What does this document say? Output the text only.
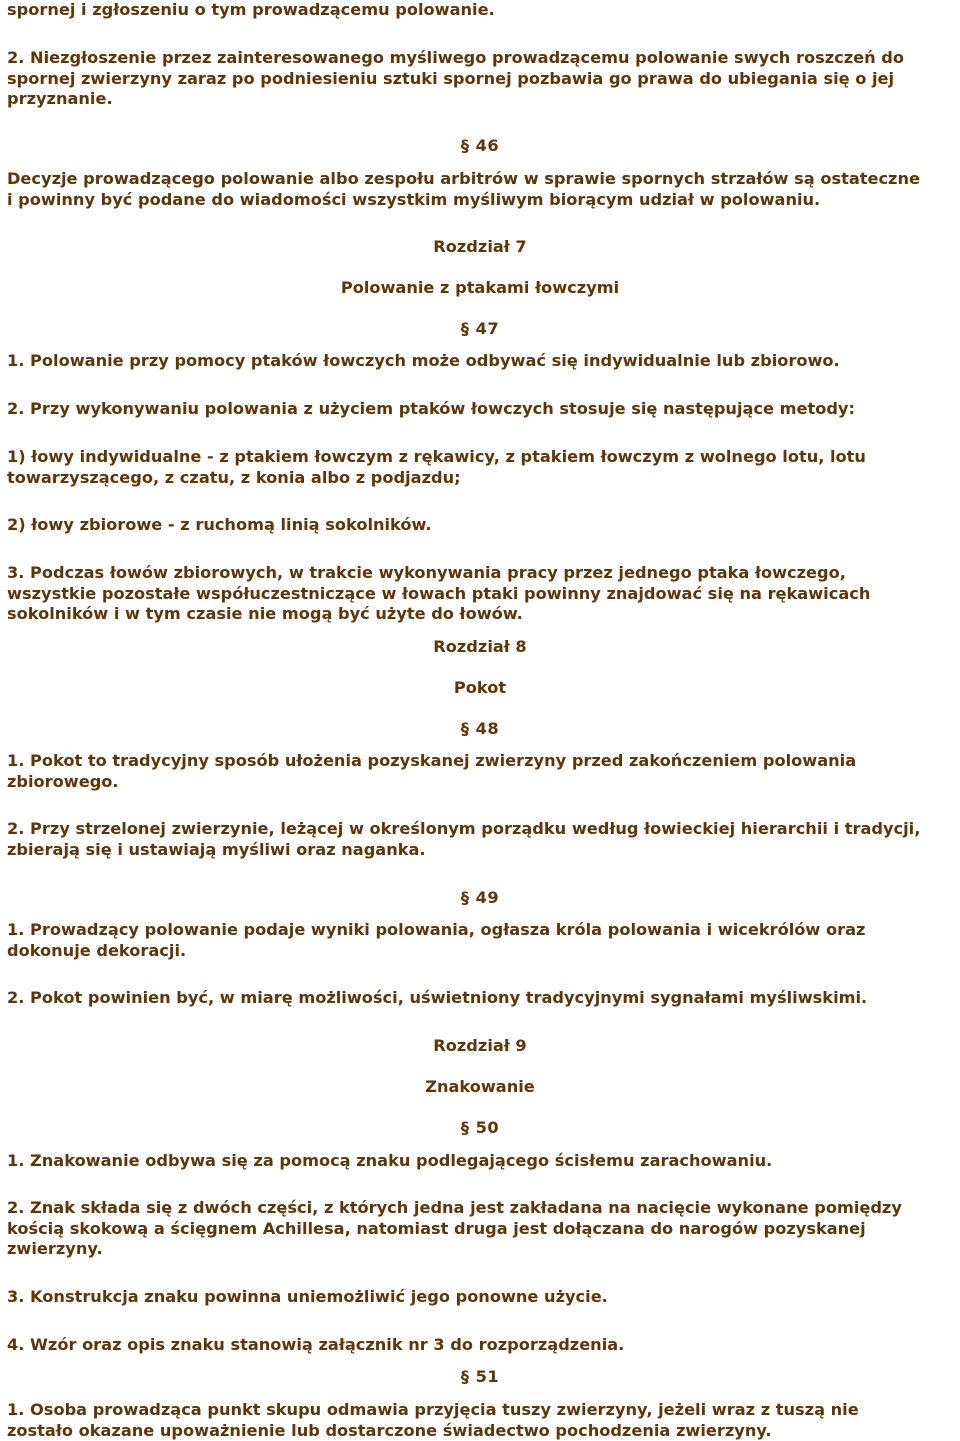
spornej i zgłoszeniu o tym prowadzącemu polowanie.

2. Niezgłoszenie przez zainteresowanego myśliwego prowadzącemu polowanie swych roszczeń do
spornej zwierzyny zaraz po podniesieniu sztuki spornej pozbawia go prawa do ubiegania się o jej
przyznanie.

§ 46

Decyzje prowadzącego polowanie albo zespołu arbitrów w sprawie spornych strzałów są ostateczne
i powinny być podane do wiadomości wszystkim myśliwym biorącym udział w polowaniu.

Rozdział 7
Polowanie z ptakami łowczymi
§ 47

1. Polowanie przy pomocy ptaków łowczych może odbywać się indywidualnie lub zbiorowo.

2. Przy wykonywaniu polowania z użyciem ptaków łowczych stosuje się następujące metody:

1) łowy indywidualne - z ptakiem łowczym z rękawicy, z ptakiem łowczym z wolnego lotu, lotu
towarzyszącego, z czatu, z konia albo z podjazdu;

2) łowy zbiorowe - z ruchomą linią sokolników.

3. Podczas łowów zbiorowych, w trakcie wykonywania pracy przez jednego ptaka łowczego,
wszystkie pozostałe współuczestniczące w łowach ptaki powinny znajdować się na rękawicach
sokolników i w tym czasie nie mogą być użyte do łowów.

Rozdział 8
Pokot
§ 48

1. Pokot to tradycyjny sposób ułożenia pozyskanej zwierzyny przed zakończeniem polowania
zbiorowego.

2. Przy strzelonej zwierzynie, leżącej w określonym porządku według łowieckiej hierarchii i tradycji,
zbierają się i ustawiają myśliwi oraz naganka.

§ 49

1. Prowadzący polowanie podaje wyniki polowania, ogłasza króla polowania i wicekrólów oraz
dokonuje dekoracji.

2. Pokot powinien być, w miarę możliwości, uświetniony tradycyjnymi sygnałami myśliwskimi.

Rozdział 9
Znakowanie
§ 50

1. Znakowanie odbywa się za pomocą znaku podlegającego ścisłemu zarachowaniu.

2. Znak składa się z dwóch części, z których jedna jest zakładana na nacięcie wykonane pomiędzy
kością skokową a ścięgnem Achillesa, natomiast druga jest dołączana do narogów pozyskanej
zwierzyny.

3. Konstrukcja znaku powinna uniemożliwić jego ponowne użycie.

4. Wzór oraz opis znaku stanowią załącznik nr 3 do rozporządzenia.

§ 51

1. Osoba prowadząca punkt skupu odmawia przyjęcia tuszy zwierzyny, jeżeli wraz z tuszą nie
zostało okazane upoważnienie lub dostarczone świadectwo pochodzenia zwierzyny.
